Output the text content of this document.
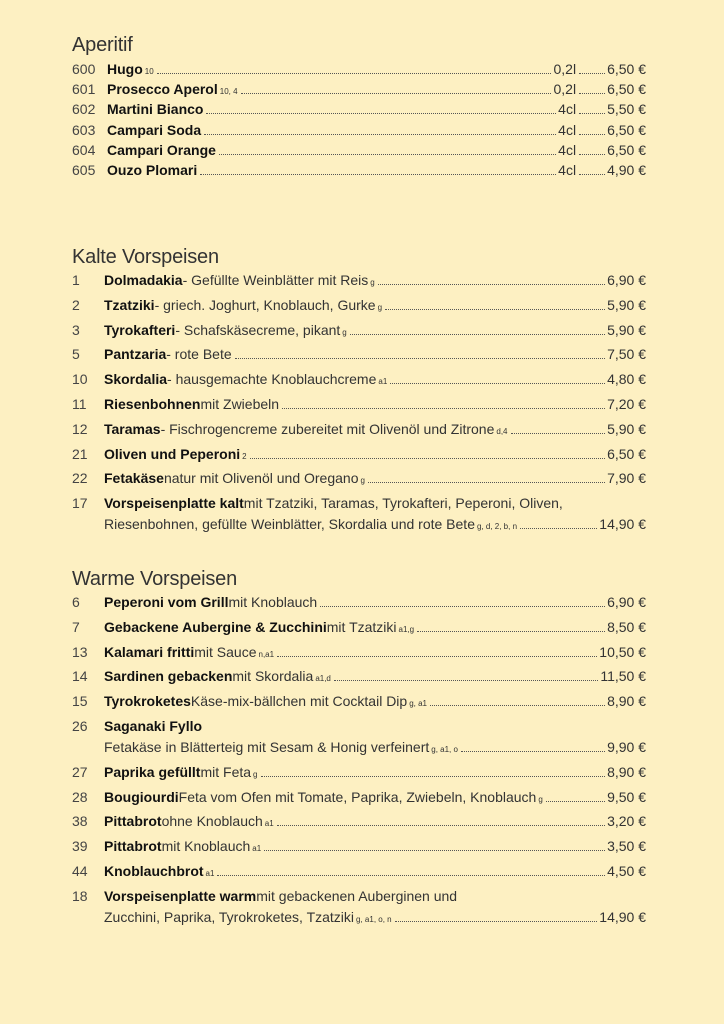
Aperitif
600 Hugo 10	0,2l 6,50 €
601 Prosecco Aperol 10, 4	0,2l 6,50 €
602 Martini Bianco	4cl 5,50 €
603 Campari Soda	4cl 6,50 €
604 Campari Orange	4cl 6,50 €
605 Ouzo Plomari	4cl 4,90 €
Kalte Vorspeisen
1	Dolmadakia - Gefüllte Weinblätter mit Reis g	6,90 €
2	Tzatziki - griech. Joghurt, Knoblauch, Gurke g	5,90 €
3	Tyrokafteri - Schafskäsecreme, pikant g	5,90 €
5	Pantzaria - rote Bete	7,50 €
10	Skordalia - hausgemachte Knoblauchcreme a1	4,80 €
11	Riesenbohnen mit Zwiebeln	7,20 €
12	Taramas - Fischrogencreme zubereitet mit Olivenöl und Zitrone d,4	5,90 €
21	Oliven und Peperoni 2	6,50 €
22	Fetakäse natur mit Olivenöl und Oregano g	7,90 €
17	Vorspeisenplatte kalt mit Tzatziki, Taramas, Tyrokafteri, Peperoni, Oliven,
Riesenbohnen, gefüllte Weinblätter, Skordalia und rote Bete g, d, 2, b, n	14,90 €
Warme Vorspeisen
6	Peperoni vom Grill mit Knoblauch	6,90 €
7	Gebackene Aubergine & Zucchini mit Tzatziki a1,g	8,50 €
13	Kalamari fritti mit Sauce n,a1	10,50 €
14	Sardinen gebacken mit Skordalia a1,d	11,50 €
15	Tyrokroketes Käse-mix-bällchen mit Cocktail Dip g, a1	8,90 €
26	Saganaki Fyllo
Fetakäse in Blätterteig mit Sesam & Honig verfeinert g, a1, o	9,90 €
27	Paprika gefüllt mit Feta g	8,90 €
28	Bougiourdi Feta vom Ofen mit Tomate, Paprika, Zwiebeln, Knoblauch g	9,50 €
38	Pittabrot ohne Knoblauch a1	3,20 €
39	Pittabrot mit Knoblauch a1	3,50 €
44	Knoblauchbrot a1	4,50 €
18	Vorspeisenplatte warm mit gebackenen Auberginen und
Zucchini, Paprika, Tyrokroketes, Tzatziki g, a1, o, n	14,90 €
